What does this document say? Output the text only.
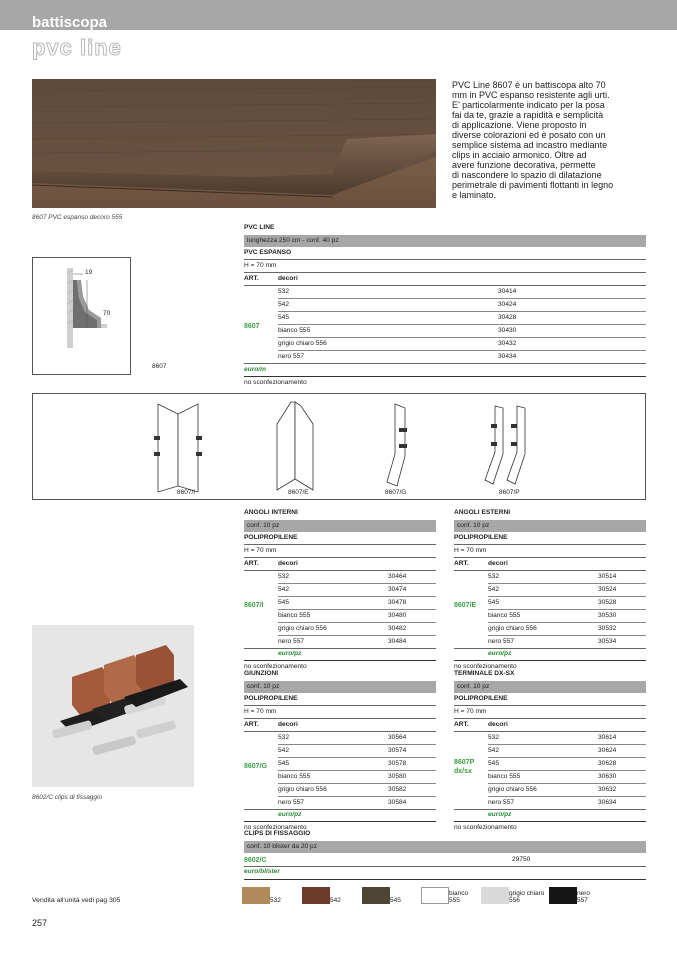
battiscopa
pvc line
PVC Line 8607 è un battiscopa alto 70
mm in PVC espanso resistente agli urti.
E’ particolarmente indicato per la posa
fai da te, grazie a rapidità e semplicità
di applicazione. Viene proposto in
diverse colorazioni ed è posato con un
semplice sistema ad incastro mediante
clips in acciaio armonico. Oltre ad
avere funzione decorativa, permette
di nascondere lo spazio di dilatazione
perimetrale di pavimenti flottanti in legno
e laminato.
8607 PVC espanso decoro 555
19
70
8607
PVC LINE
lunghezza 250 cm - conf. 40 pz
PVC ESPANSO
H = 70 mm
ART.	decori
8607
532	30414
542	30424
545	30428
bianco 555	30430
grigio chiaro 556	30432
nero 557	30434
euro/m
no sconfezionamento
8607/I	8607/E	8607/G	8607/P
ANGOLI INTERNI
conf. 10 pz
POLIPROPILENE
H = 70 mm
ART.	decori
8607/I
532	30464
542	30474
545	30478
bianco 555	30480
grigio chiaro 556	30482
nero 557	30484
euro/pz
no sconfezionamento
ANGOLI ESTERNI
conf. 10 pz
POLIPROPILENE
H = 70 mm
ART.	decori
8607/E
532	30514
542	30524
545	30528
bianco 555	30530
grigio chiaro 556	30532
nero 557	30534
euro/pz
no sconfezionamento
8602/C clips di fissaggio
GIUNZIONI
conf. 10 pz
POLIPROPILENE
H = 70 mm
ART.	decori
8607/G
532	30564
542	30574
545	30578
bianco 555	30580
grigio chiaro 556	30582
nero 557	30584
euro/pz
no sconfezionamento
TERMINALE DX-SX
conf. 10 pz
POLIPROPILENE
H = 70 mm
ART.	decori
8607P
dx/sx
532	30614
542	30624
545	30628
bianco 555	30630
grigio chiaro 556	30632
nero 557	30634
euro/pz
no sconfezionamento
CLIPS DI FISSAGGIO
conf. 10 blister da 20 pz
8602/C	29750
euro/blister
532	542	545
bianco
555
grigio chiaro
556
nero
557
Vendita all’unità vedi pag 305
257
